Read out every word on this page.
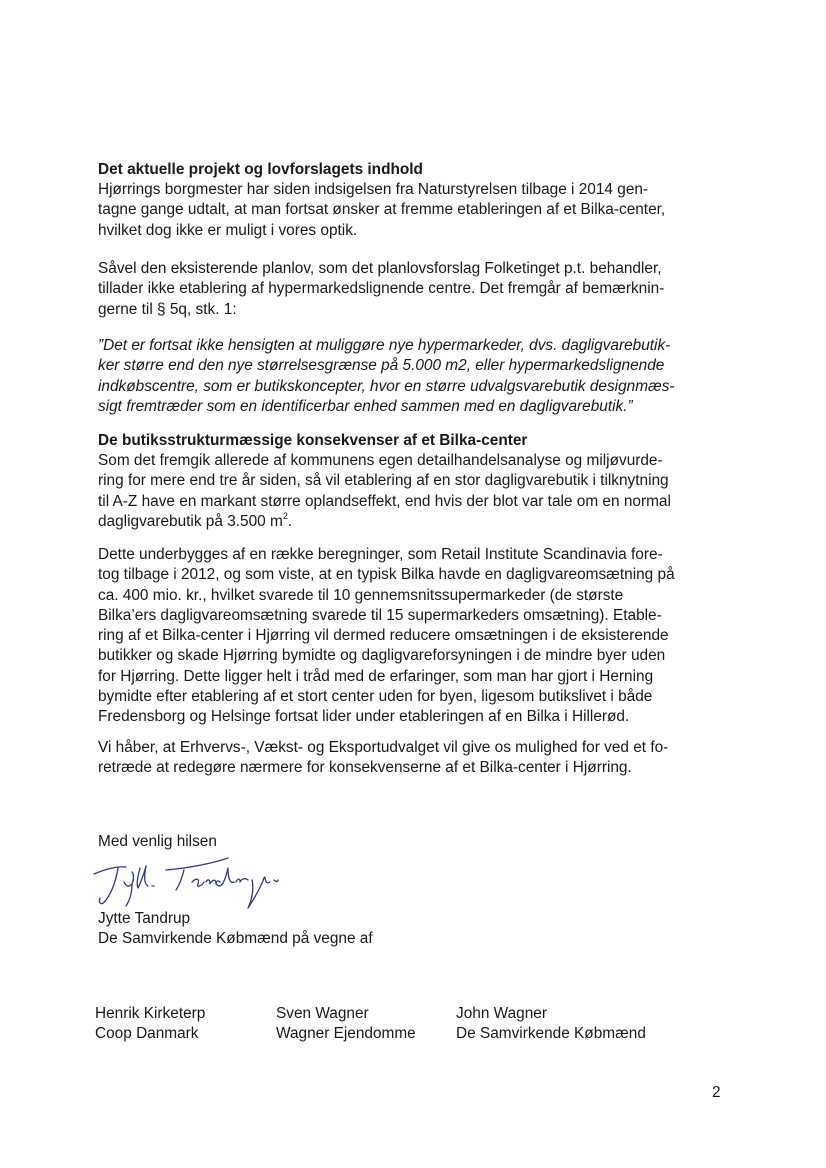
Det aktuelle projekt og lovforslagets indhold
Hjørrings borgmester har siden indsigelsen fra Naturstyrelsen tilbage i 2014 gen-
tagne gange udtalt, at man fortsat ønsker at fremme etableringen af et Bilka-center,
hvilket dog ikke er muligt i vores optik.
Såvel den eksisterende planlov, som det planlovsforslag Folketinget p.t. behandler,
tillader ikke etablering af hypermarkedslignende centre. Det fremgår af bemærknin-
gerne til § 5q, stk. 1:
”Det er fortsat ikke hensigten at muliggøre nye hypermarkeder, dvs. dagligvarebutik-
ker større end den nye størrelsesgrænse på 5.000 m2, eller hypermarkedslignende
indkøbscentre, som er butikskoncepter, hvor en større udvalgsvarebutik designmæs-
sigt fremtræder som en identificerbar enhed sammen med en dagligvarebutik.”
De butiksstrukturmæssige konsekvenser af et Bilka-center
Som det fremgik allerede af kommunens egen detailhandelsanalyse og miljøvurde-
ring for mere end tre år siden, så vil etablering af en stor dagligvarebutik i tilknytning
til A-Z have en markant større oplandseffekt, end hvis der blot var tale om en normal
dagligvarebutik på 3.500 $m^2$.
Dette underbygges af en række beregninger, som Retail Institute Scandinavia fore-
tog tilbage i 2012, og som viste, at en typisk Bilka havde en dagligvareomsætning på
ca. 400 mio. kr., hvilket svarede til 10 gennemsnitssupermarkeder (de største
Bilka’ers dagligvareomsætning svarede til 15 supermarkeders omsætning). Etable-
ring af et Bilka-center i Hjørring vil dermed reducere omsætningen i de eksisterende
butikker og skade Hjørring bymidte og dagligvareforsyningen i de mindre byer uden
for Hjørring. Dette ligger helt i tråd med de erfaringer, som man har gjort i Herning
bymidte efter etablering af et stort center uden for byen, ligesom butikslivet i både
Fredensborg og Helsinge fortsat lider under etableringen af en Bilka i Hillerød.
Vi håber, at Erhvervs-, Vækst- og Eksportudvalget vil give os mulighed for ved et fo-
retræde at redegøre nærmere for konsekvenserne af et Bilka-center i Hjørring.
Med venlig hilsen
Jytte Tandrup
De Samvirkende Købmænd på vegne af
Henrik Kirketerp
Coop Danmark
Sven Wagner
Wagner Ejendomme
John Wagner
De Samvirkende Købmænd
2
